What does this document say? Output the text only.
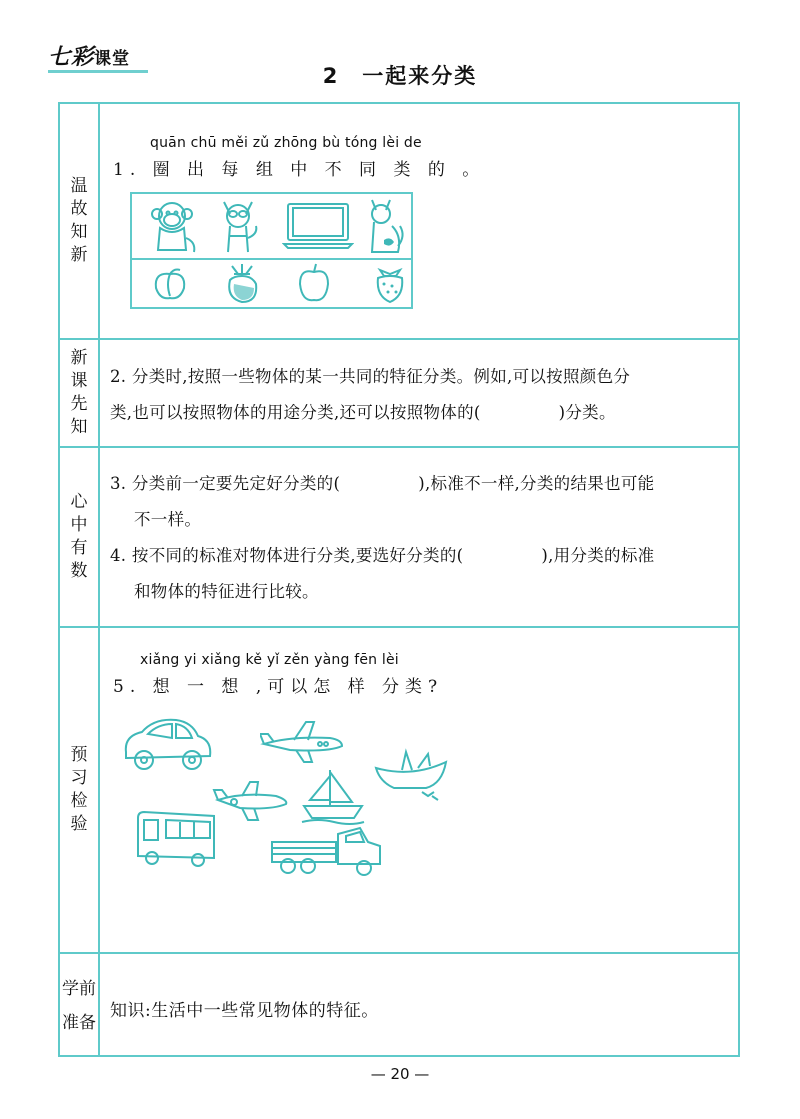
七彩课堂
2　一起来分类
温故知新
quān chū měi zǔ zhōng bù tóng lèi de
1. 圈 出 每 组 中 不 同 类 的 。
新课先知
2. 分类时,按照一些物体的某一共同的特征分类。例如,可以按照颜色分
类,也可以按照物体的用途分类,还可以按照物体的(	)分类。
心中有数
3. 分类前一定要先定好分类的(	),标准不一样,分类的结果也可能
不一样。
4. 按不同的标准对物体进行分类,要选好分类的(	),用分类的标准
和物体的特征进行比较。
预习检验
xiǎng yi xiǎng kě yǐ zěn yàng fēn lèi
5. 想 一 想 ,可以怎 样 分类?
学前
准备
知识:生活中一些常见物体的特征。
— 20 —
